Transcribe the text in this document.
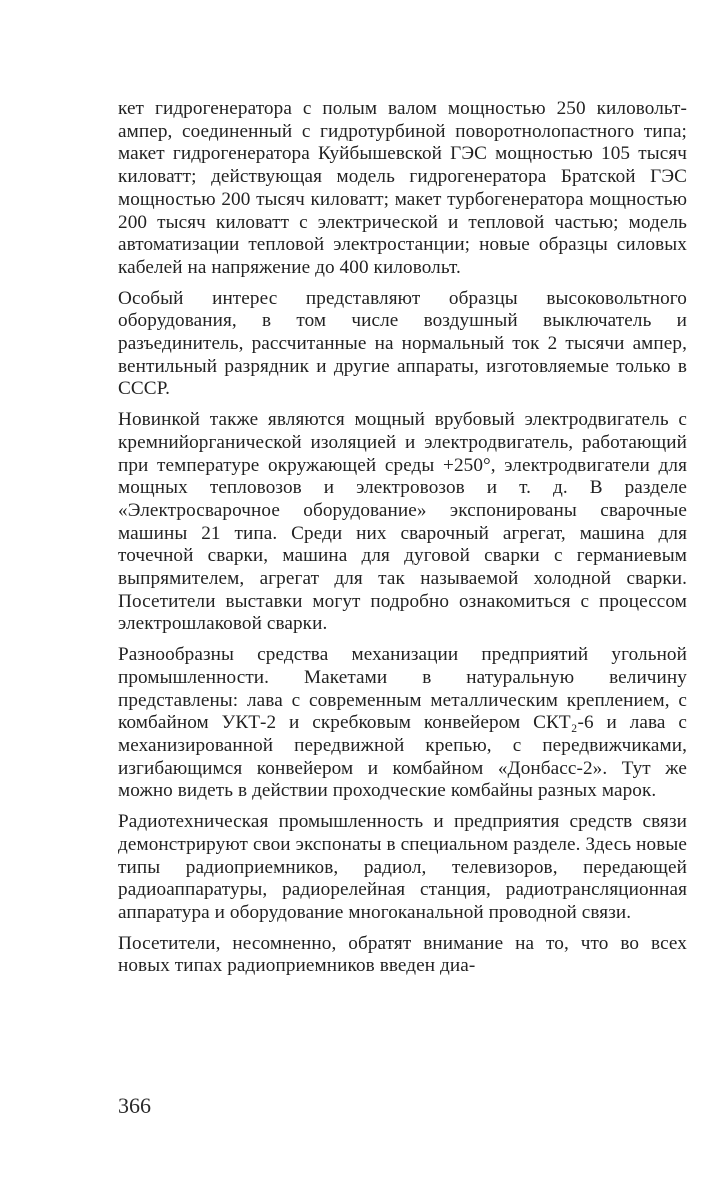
кет гидрогенератора с полым валом мощностью 250 киловольт-ампер, соединенный с гидротурбиной поворотнолопастного типа; макет гидрогенератора Куйбышевской ГЭС мощностью 105 тысяч киловатт; действующая модель гидрогенератора Братской ГЭС мощностью 200 тысяч киловатт; макет турбогенератора мощностью 200 тысяч киловатт с электрической и тепловой частью; модель автоматизации тепловой электростанции; новые образцы силовых кабелей на напряжение до 400 киловольт.

Особый интерес представляют образцы высоковольтного оборудования, в том числе воздушный выключатель и разъединитель, рассчитанные на нормальный ток 2 тысячи ампер, вентильный разрядник и другие аппараты, изготовляемые только в СССР.

Новинкой также являются мощный врубовый электродвигатель с кремнийорганической изоляцией и электродвигатель, работающий при температуре окружающей среды +250°, электродвигатели для мощных тепловозов и электровозов и т. д. В разделе «Электросварочное оборудование» экспонированы сварочные машины 21 типа. Среди них сварочный агрегат, машина для точечной сварки, машина для дуговой сварки с германиевым выпрямителем, агрегат для так называемой холодной сварки. Посетители выставки могут подробно ознакомиться с процессом электрошлаковой сварки.

Разнообразны средства механизации предприятий угольной промышленности. Макетами в натуральную величину представлены: лава с современным металлическим креплением, с комбайном УКТ-2 и скребковым конвейером СКТ₂-6 и лава с механизированной передвижной крепью, с передвижчиками, изгибающимся конвейером и комбайном «Донбасс-2». Тут же можно видеть в действии проходческие комбайны разных марок.

Радиотехническая промышленность и предприятия средств связи демонстрируют свои экспонаты в специальном разделе. Здесь новые типы радиоприемников, радиол, телевизоров, передающей радиоаппаратуры, радиорелейная станция, радиотрансляционная аппаратура и оборудование многоканальной проводной связи.

Посетители, несомненно, обратят внимание на то, что во всех новых типах радиоприемников введен диа-

366
